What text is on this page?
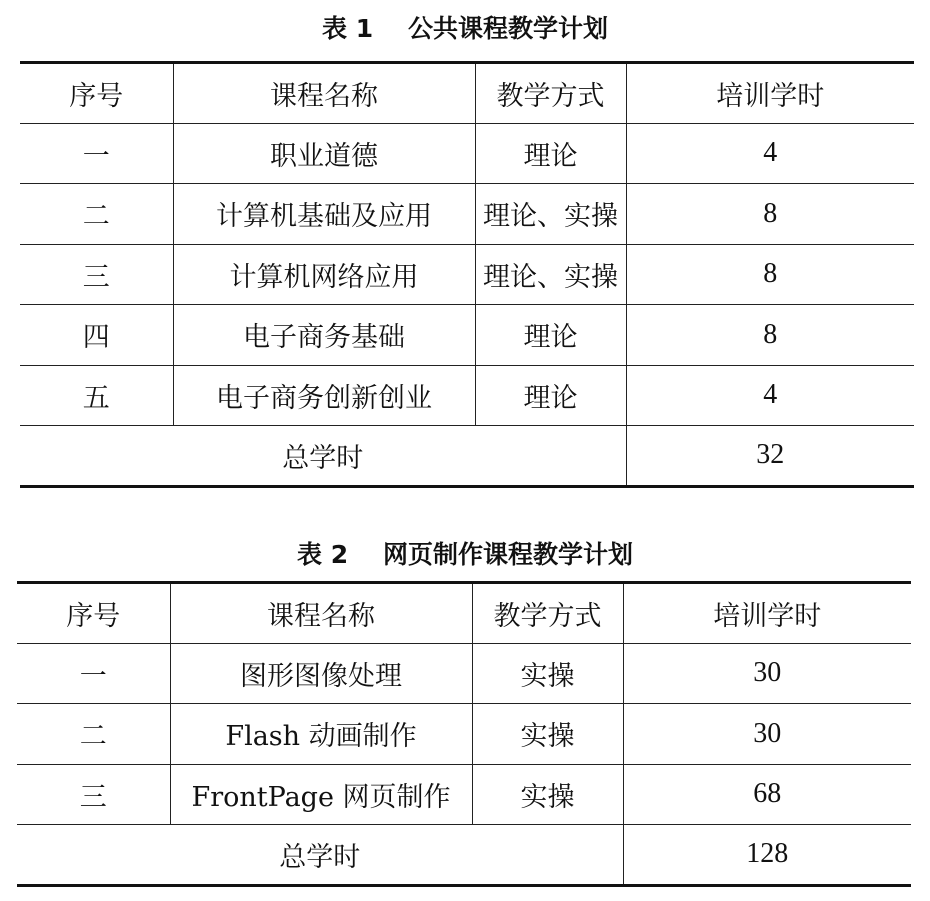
表 1    公共课程教学计划
序号	课程名称	教学方式	培训学时
一	职业道德	理论	4
二	计算机基础及应用	理论、实操	8
三	计算机网络应用	理论、实操	8
四	电子商务基础	理论	8
五	电子商务创新创业	理论	4
总学时			32
表 2    网页制作课程教学计划
序号	课程名称	教学方式	培训学时
一	图形图像处理	实操	30
二	Flash 动画制作	实操	30
三	FrontPage 网页制作	实操	68
总学时			128
